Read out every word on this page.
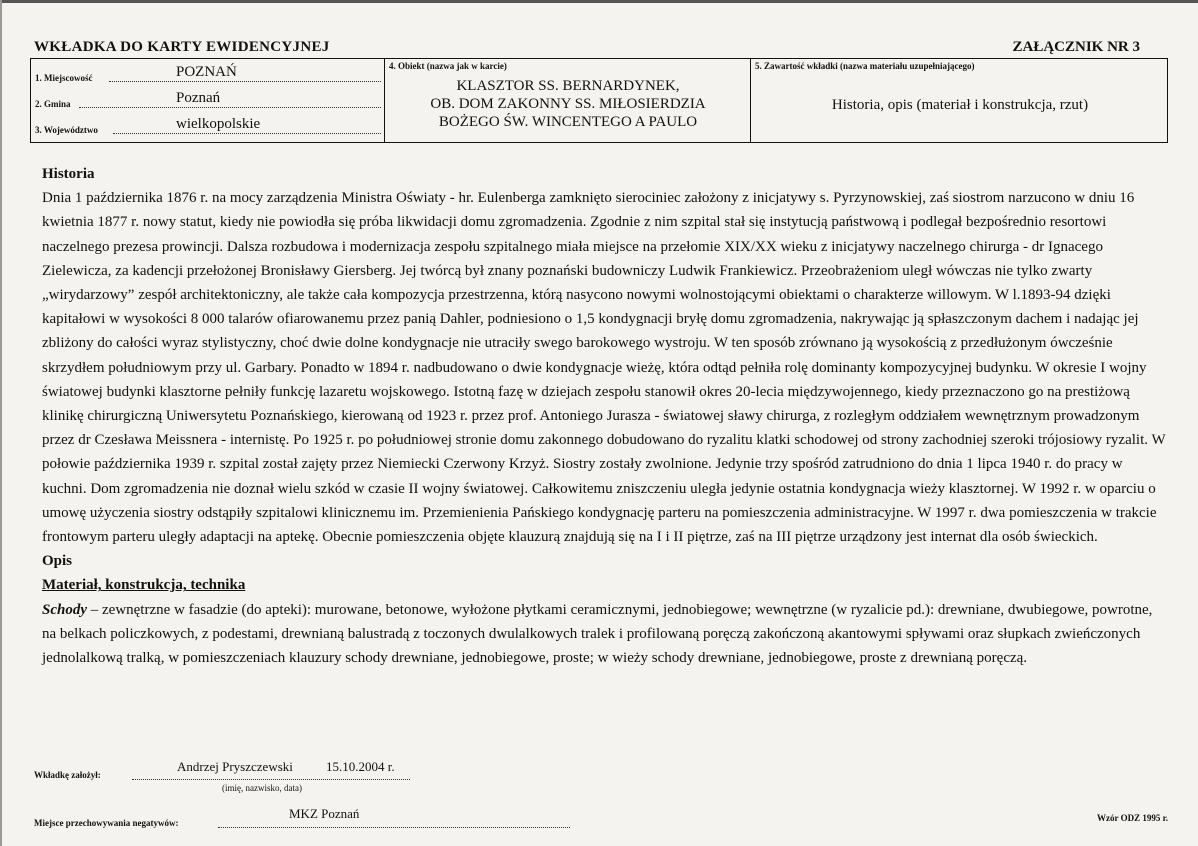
WKŁADKA DO KARTY EWIDENCYJNEJ	ZAŁĄCZNIK NR 3
1. Miejscowość	POZNAŃ
2. Gmina	Poznań
3. Województwo	wielkopolskie
4. Obiekt (nazwa jak w karcie)
KLASZTOR SS. BERNARDYNEK,
OB. DOM ZAKONNY SS. MIŁOSIERDZIA
BOŻEGO ŚW. WINCENTEGO A PAULO
5. Zawartość wkładki (nazwa materiału uzupełniającego)
Historia, opis (materiał i konstrukcja, rzut)
Historia

Dnia 1 października 1876 r. na mocy zarządzenia Ministra Oświaty - hr. Eulenberga zamknięto sierociniec założony z inicjatywy s. Pyrzynowskiej, zaś siostrom narzucono w dniu 16 kwietnia 1877 r. nowy statut, kiedy nie powiodła się próba likwidacji domu zgromadzenia. Zgodnie z nim szpital stał się instytucją państwową i podlegał bezpośrednio resortowi naczelnego prezesa prowincji. Dalsza rozbudowa i modernizacja zespołu szpitalnego miała miejsce na przełomie XIX/XX wieku z inicjatywy naczelnego chirurga - dr Ignacego Zielewicza, za kadencji przełożonej Bronisławy Giersberg. Jej twórcą był znany poznański budowniczy Ludwik Frankiewicz. Przeobrażeniom uległ wówczas nie tylko zwarty „wirydarzowy” zespół architektoniczny, ale także cała kompozycja przestrzenna, którą nasycono nowymi wolnostojącymi obiektami o charakterze willowym. W l.1893-94 dzięki kapitałowi w wysokości 8 000 talarów ofiarowanemu przez panią Dahler, podniesiono o 1,5 kondygnacji bryłę domu zgromadzenia, nakrywając ją spłaszczonym dachem i nadając jej zbliżony do całości wyraz stylistyczny, choć dwie dolne kondygnacje nie utraciły swego barokowego wystroju. W ten sposób zrównano ją wysokością z przedłużonym ówcześnie skrzydłem południowym przy ul. Garbary. Ponadto w 1894 r. nadbudowano o dwie kondygnacje wieżę, która odtąd pełniła rolę dominanty kompozycyjnej budynku. W okresie I wojny światowej budynki klasztorne pełniły funkcję lazaretu wojskowego. Istotną fazę w dziejach zespołu stanowił okres 20-lecia międzywojennego, kiedy przeznaczono go na prestiżową klinikę chirurgiczną Uniwersytetu Poznańskiego, kierowaną od 1923 r. przez prof. Antoniego Jurasza - światowej sławy chirurga, z rozległym oddziałem wewnętrznym prowadzonym przez dr Czesława Meissnera - internistę. Po 1925 r. po południowej stronie domu zakonnego dobudowano do ryzalitu klatki schodowej od strony zachodniej szeroki trójosiowy ryzalit. W połowie października 1939 r. szpital został zajęty przez Niemiecki Czerwony Krzyż. Siostry zostały zwolnione. Jedynie trzy spośród zatrudniono do dnia 1 lipca 1940 r. do pracy w kuchni. Dom zgromadzenia nie doznał wielu szkód w czasie II wojny światowej. Całkowitemu zniszczeniu uległa jedynie ostatnia kondygnacja wieży klasztornej. W 1992 r. w oparciu o umowę użyczenia siostry odstąpiły szpitalowi klinicznemu im. Przemienienia Pańskiego kondygnację parteru na pomieszczenia administracyjne. W 1997 r. dwa pomieszczenia w trakcie frontowym parteru uległy adaptacji na aptekę. Obecnie pomieszczenia objęte klauzurą znajdują się na I i II piętrze, zaś na III piętrze urządzony jest internat dla osób świeckich.

Opis
Materiał, konstrukcja, technika

Schody – zewnętrzne w fasadzie (do apteki): murowane, betonowe, wyłożone płytkami ceramicznymi, jednobiegowe; wewnętrzne (w ryzalicie pd.): drewniane, dwubiegowe, powrotne, na belkach policzkowych, z podestami, drewnianą balustradą z toczonych dwulalkowych tralek i profilowaną poręczą zakończoną akantowymi spływami oraz słupkach zwieńczonych jednolalkową tralką, w pomieszczeniach klauzury schody drewniane, jednobiegowe, proste; w wieży schody drewniane, jednobiegowe, proste z drewnianą poręczą.

Wkładkę założył:
Andrzej Pryszczewski	15.10.2004 r.
(imię, nazwisko, data)
Miejsce przechowywania negatywów:
MKZ Poznań	Wzór ODZ 1995 r.
